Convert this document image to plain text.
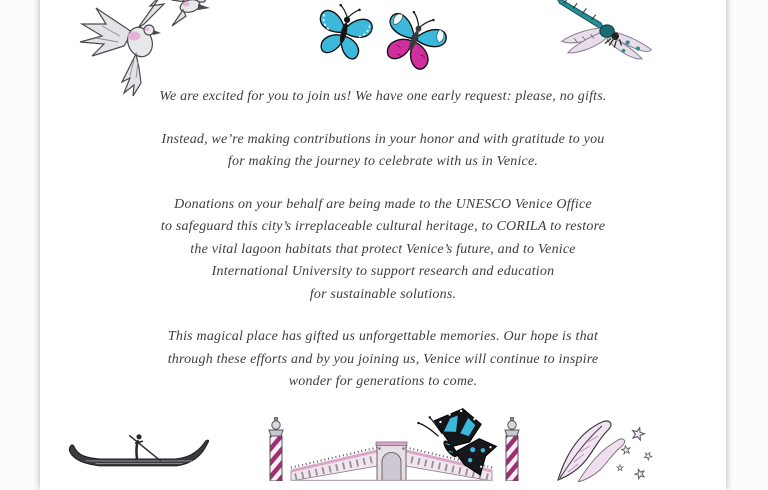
We are excited for you to join us! We have one early request: please, no gifts.

Instead, we’re making contributions in your honor and with gratitude to you
for making the journey to celebrate with us in Venice.

Donations on your behalf are being made to the UNESCO Venice Office
to safeguard this city’s irreplaceable cultural heritage, to CORILA to restore
the vital lagoon habitats that protect Venice’s future, and to Venice
International University to support research and education
for sustainable solutions.

This magical place has gifted us unforgettable memories. Our hope is that
through these efforts and by you joining us, Venice will continue to inspire
wonder for generations to come.
